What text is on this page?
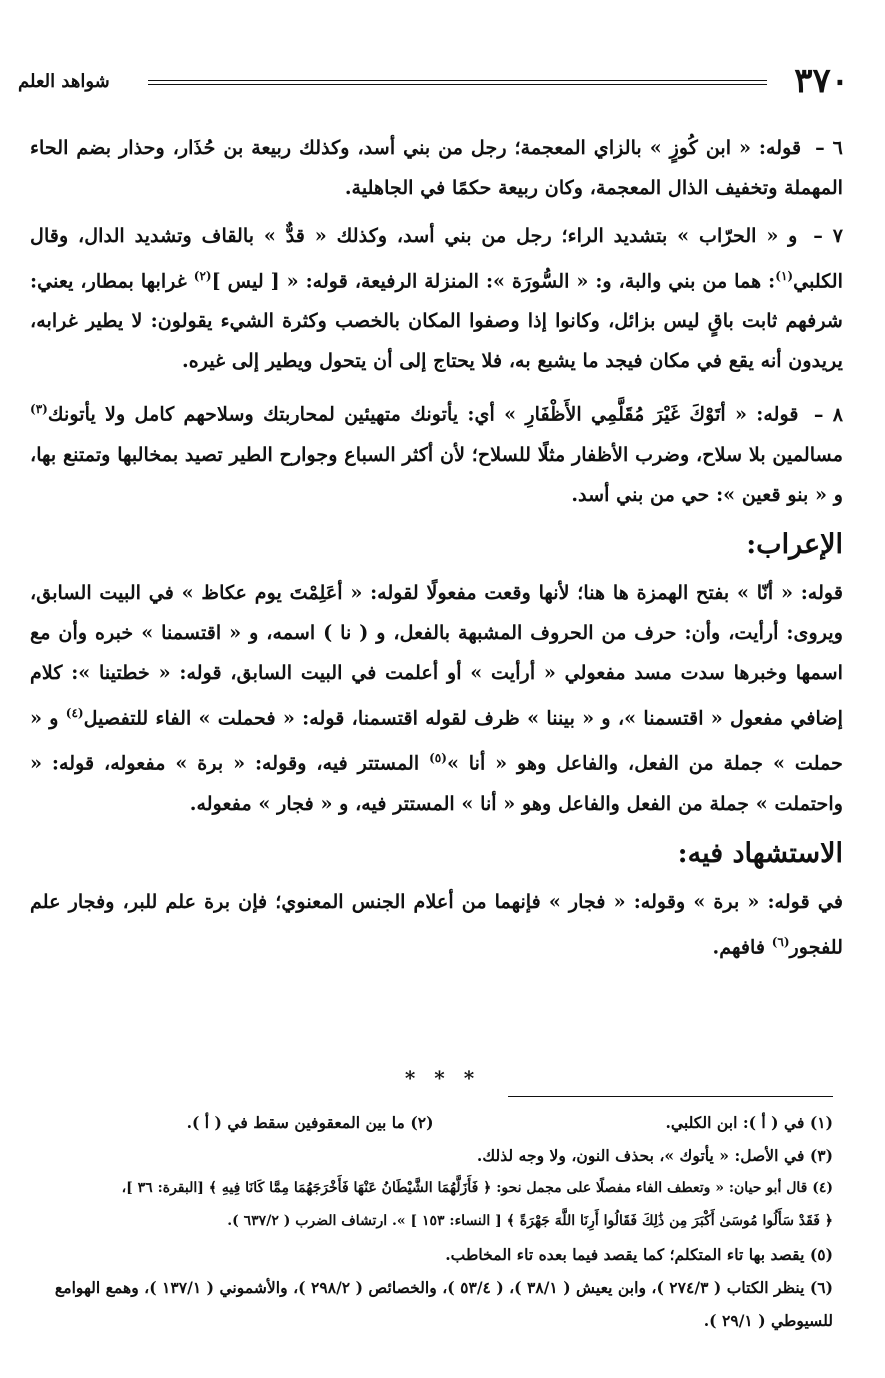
٣٧٠
شواهد العلم

٦ – قوله: « ابن كُوزٍ » بالزاي المعجمة؛ رجل من بني أسد، وكذلك ربيعة بن حُذَار، وحذار بضم الحاء المهملة وتخفيف الذال المعجمة، وكان ربيعة حكمًا في الجاهلية.

٧ – و « الحرّاب » بتشديد الراء؛ رجل من بني أسد، وكذلك « قدٌّ » بالقاف وتشديد الدال، وقال الكلبي$^{(١)}$: هما من بني والبة، و: « السُّورَة »: المنزلة الرفيعة، قوله: « [ ليس ]$^{(٢)}$ غرابها بمطار، يعني: شرفهم ثابت باقٍ ليس بزائل، وكانوا إذا وصفوا المكان بالخصب وكثرة الشيء يقولون: لا يطير غرابه، يريدون أنه يقع في مكان فيجد ما يشبع به، فلا يحتاج إلى أن يتحول ويطير إلى غيره.

٨ – قوله: « أتَوْكَ غَيْرَ مُقَلَّمِي الأَظْفَارِ » أي: يأتونك متهيئين لمحاربتك وسلاحهم كامل ولا يأتونك$^{(٣)}$ مسالمين بلا سلاح، وضرب الأظفار مثلًا للسلاح؛ لأن أكثر السباع وجوارح الطير تصيد بمخالبها وتمتنع بها، و « بنو قعين »: حي من بني أسد.

الإعراب:

قوله: « أنّا » بفتح الهمزة ها هنا؛ لأنها وقعت مفعولًا لقوله: « أعَلِمْتَ يوم عكاظ » في البيت السابق، ويروى: أرأيت، وأن: حرف من الحروف المشبهة بالفعل، و ( نا ) اسمه، و « اقتسمنا » خبره وأن مع اسمها وخبرها سدت مسد مفعولي « أرأيت » أو أعلمت في البيت السابق، قوله: « خطتينا »: كلام إضافي مفعول « اقتسمنا »، و « بيننا » ظرف لقوله اقتسمنا، قوله: « فحملت » الفاء للتفصيل$^{(٤)}$ و « حملت » جملة من الفعل، والفاعل وهو « أنا »$^{(٥)}$ المستتر فيه، وقوله: « برة » مفعوله، قوله: « واحتملت » جملة من الفعل والفاعل وهو « أنا » المستتر فيه، و « فجار » مفعوله.

الاستشهاد فيه:

في قوله: « برة » وقوله: « فجار » فإنهما من أعلام الجنس المعنوي؛ فإن برة علم للبر، وفجار علم للفجور$^{(٦)}$ فافهم.

* * *

(١) في ( أ ): ابن الكلبي.

(٢) ما بين المعقوفين سقط في ( أ ).

(٣) في الأصل: « يأتوك »، بحذف النون، ولا وجه لذلك.

(٤) قال أبو حيان: « وتعطف الفاء مفصلًا على مجمل نحو: ﴿ فَأَزَلَّهُمَا الشَّيْطَانُ عَنْهَا فَأَخْرَجَهُمَا مِمَّا كَانَا فِيهِ ﴾ [البقرة: ٣٦ ]،

﴿ فَقَدْ سَأَلُوا مُوسَىٰ أَكْبَرَ مِن ذَٰلِكَ فَقَالُوا أَرِنَا اللَّهَ جَهْرَةً ﴾ [ النساء: ١٥٣ ] ». ارتشاف الضرب ( ٦٣٧/٢ ).

(٥) يقصد بها تاء المتكلم؛ كما يقصد فيما بعده تاء المخاطب.

(٦) ينظر الكتاب ( ٢٧٤/٣ )، وابن يعيش ( ٣٨/١ )، ( ٥٣/٤ )، والخصائص ( ٢٩٨/٢ )، والأشموني ( ١٣٧/١ )، وهمع الهوامع للسيوطي ( ٢٩/١ ).
